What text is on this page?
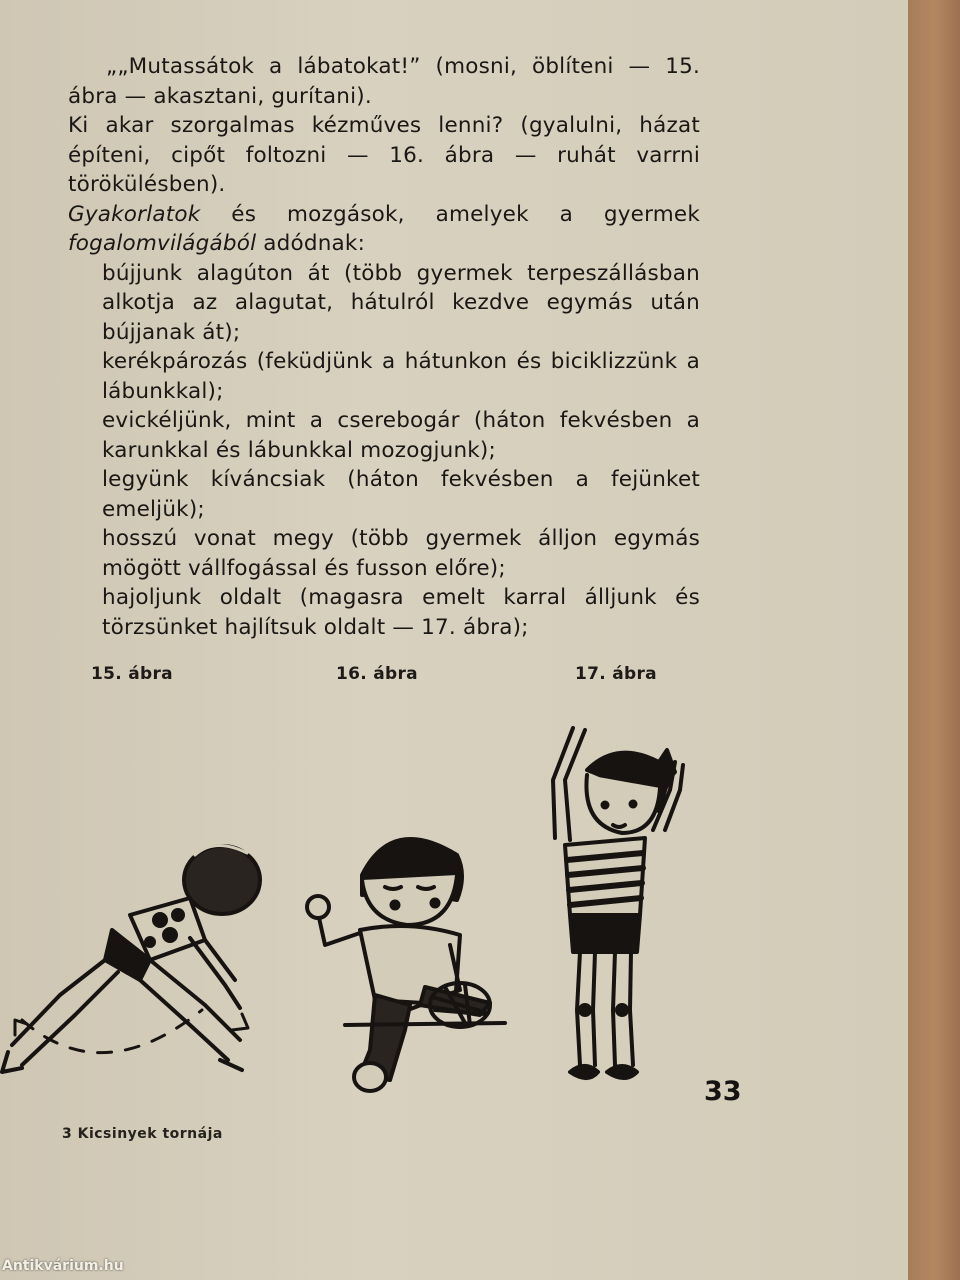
„„Mutassátok a lábatokat!” (mosni, öblíteni — 15. ábra — akasztani, gurítani).

Ki akar szorgalmas kézműves lenni? (gyalulni, házat építeni, cipőt foltozni — 16. ábra — ruhát varrni törökülésben).

Gyakorlatok és mozgások, amelyek a gyermek fogalomvilágából adódnak:

bújjunk alagúton át (több gyermek terpeszállásban alkotja az alagutat, hátulról kezdve egymás után bújjanak át);

kerékpározás (feküdjünk a hátunkon és biciklizzünk a lábunkkal);

evickéljünk, mint a cserebogár (háton fekvésben a karunkkal és lábunkkal mozogjunk);

legyünk kíváncsiak (háton fekvésben a fejünket emeljük);

hosszú vonat megy (több gyermek álljon egymás mögött vállfogással és fusson előre);

hajoljunk oldalt (magasra emelt karral álljunk és törzsünket hajlítsuk oldalt — 17. ábra);

15. ábra	16. ábra	17. ábra
33
3 Kicsinyek tornája
Antikvárium.hu
